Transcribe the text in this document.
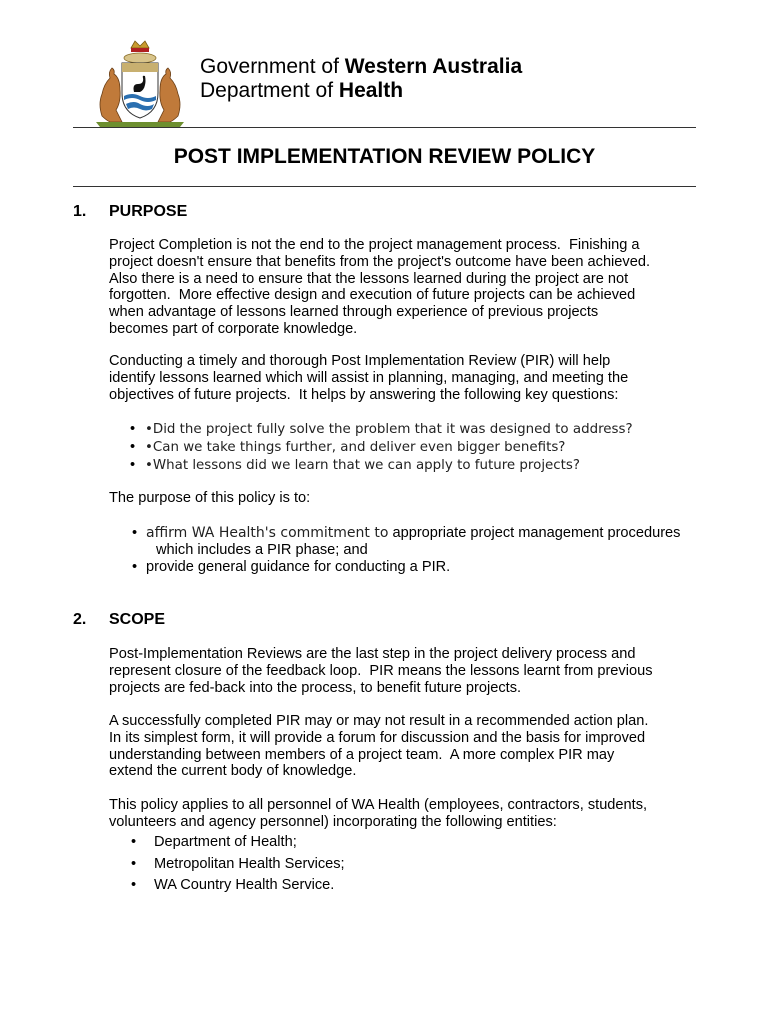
Government of Western Australia
Department of Health
POST IMPLEMENTATION REVIEW POLICY
1. PURPOSE
Project Completion is not the end to the project management process.  Finishing a
project doesn't ensure that benefits from the project's outcome have been achieved.
Also there is a need to ensure that the lessons learned during the project are not
forgotten.  More effective design and execution of future projects can be achieved
when advantage of lessons learned through experience of previous projects
becomes part of corporate knowledge.
Conducting a timely and thorough Post Implementation Review (PIR) will help
identify lessons learned which will assist in planning, managing, and meeting the
objectives of future projects.  It helps by answering the following key questions:
• •Did the project fully solve the problem that it was designed to address?
• •Can we take things further, and deliver even bigger benefits?
• •What lessons did we learn that we can apply to future projects?
The purpose of this policy is to:
• affirm WA Health's commitment to appropriate project management procedures
which includes a PIR phase; and
• provide general guidance for conducting a PIR.
2. SCOPE
Post-Implementation Reviews are the last step in the project delivery process and
represent closure of the feedback loop.  PIR means the lessons learnt from previous
projects are fed-back into the process, to benefit future projects.
A successfully completed PIR may or may not result in a recommended action plan.
In its simplest form, it will provide a forum for discussion and the basis for improved
understanding between members of a project team.  A more complex PIR may
extend the current body of knowledge.
This policy applies to all personnel of WA Health (employees, contractors, students,
volunteers and agency personnel) incorporating the following entities:
• Department of Health;
• Metropolitan Health Services;
• WA Country Health Service.
